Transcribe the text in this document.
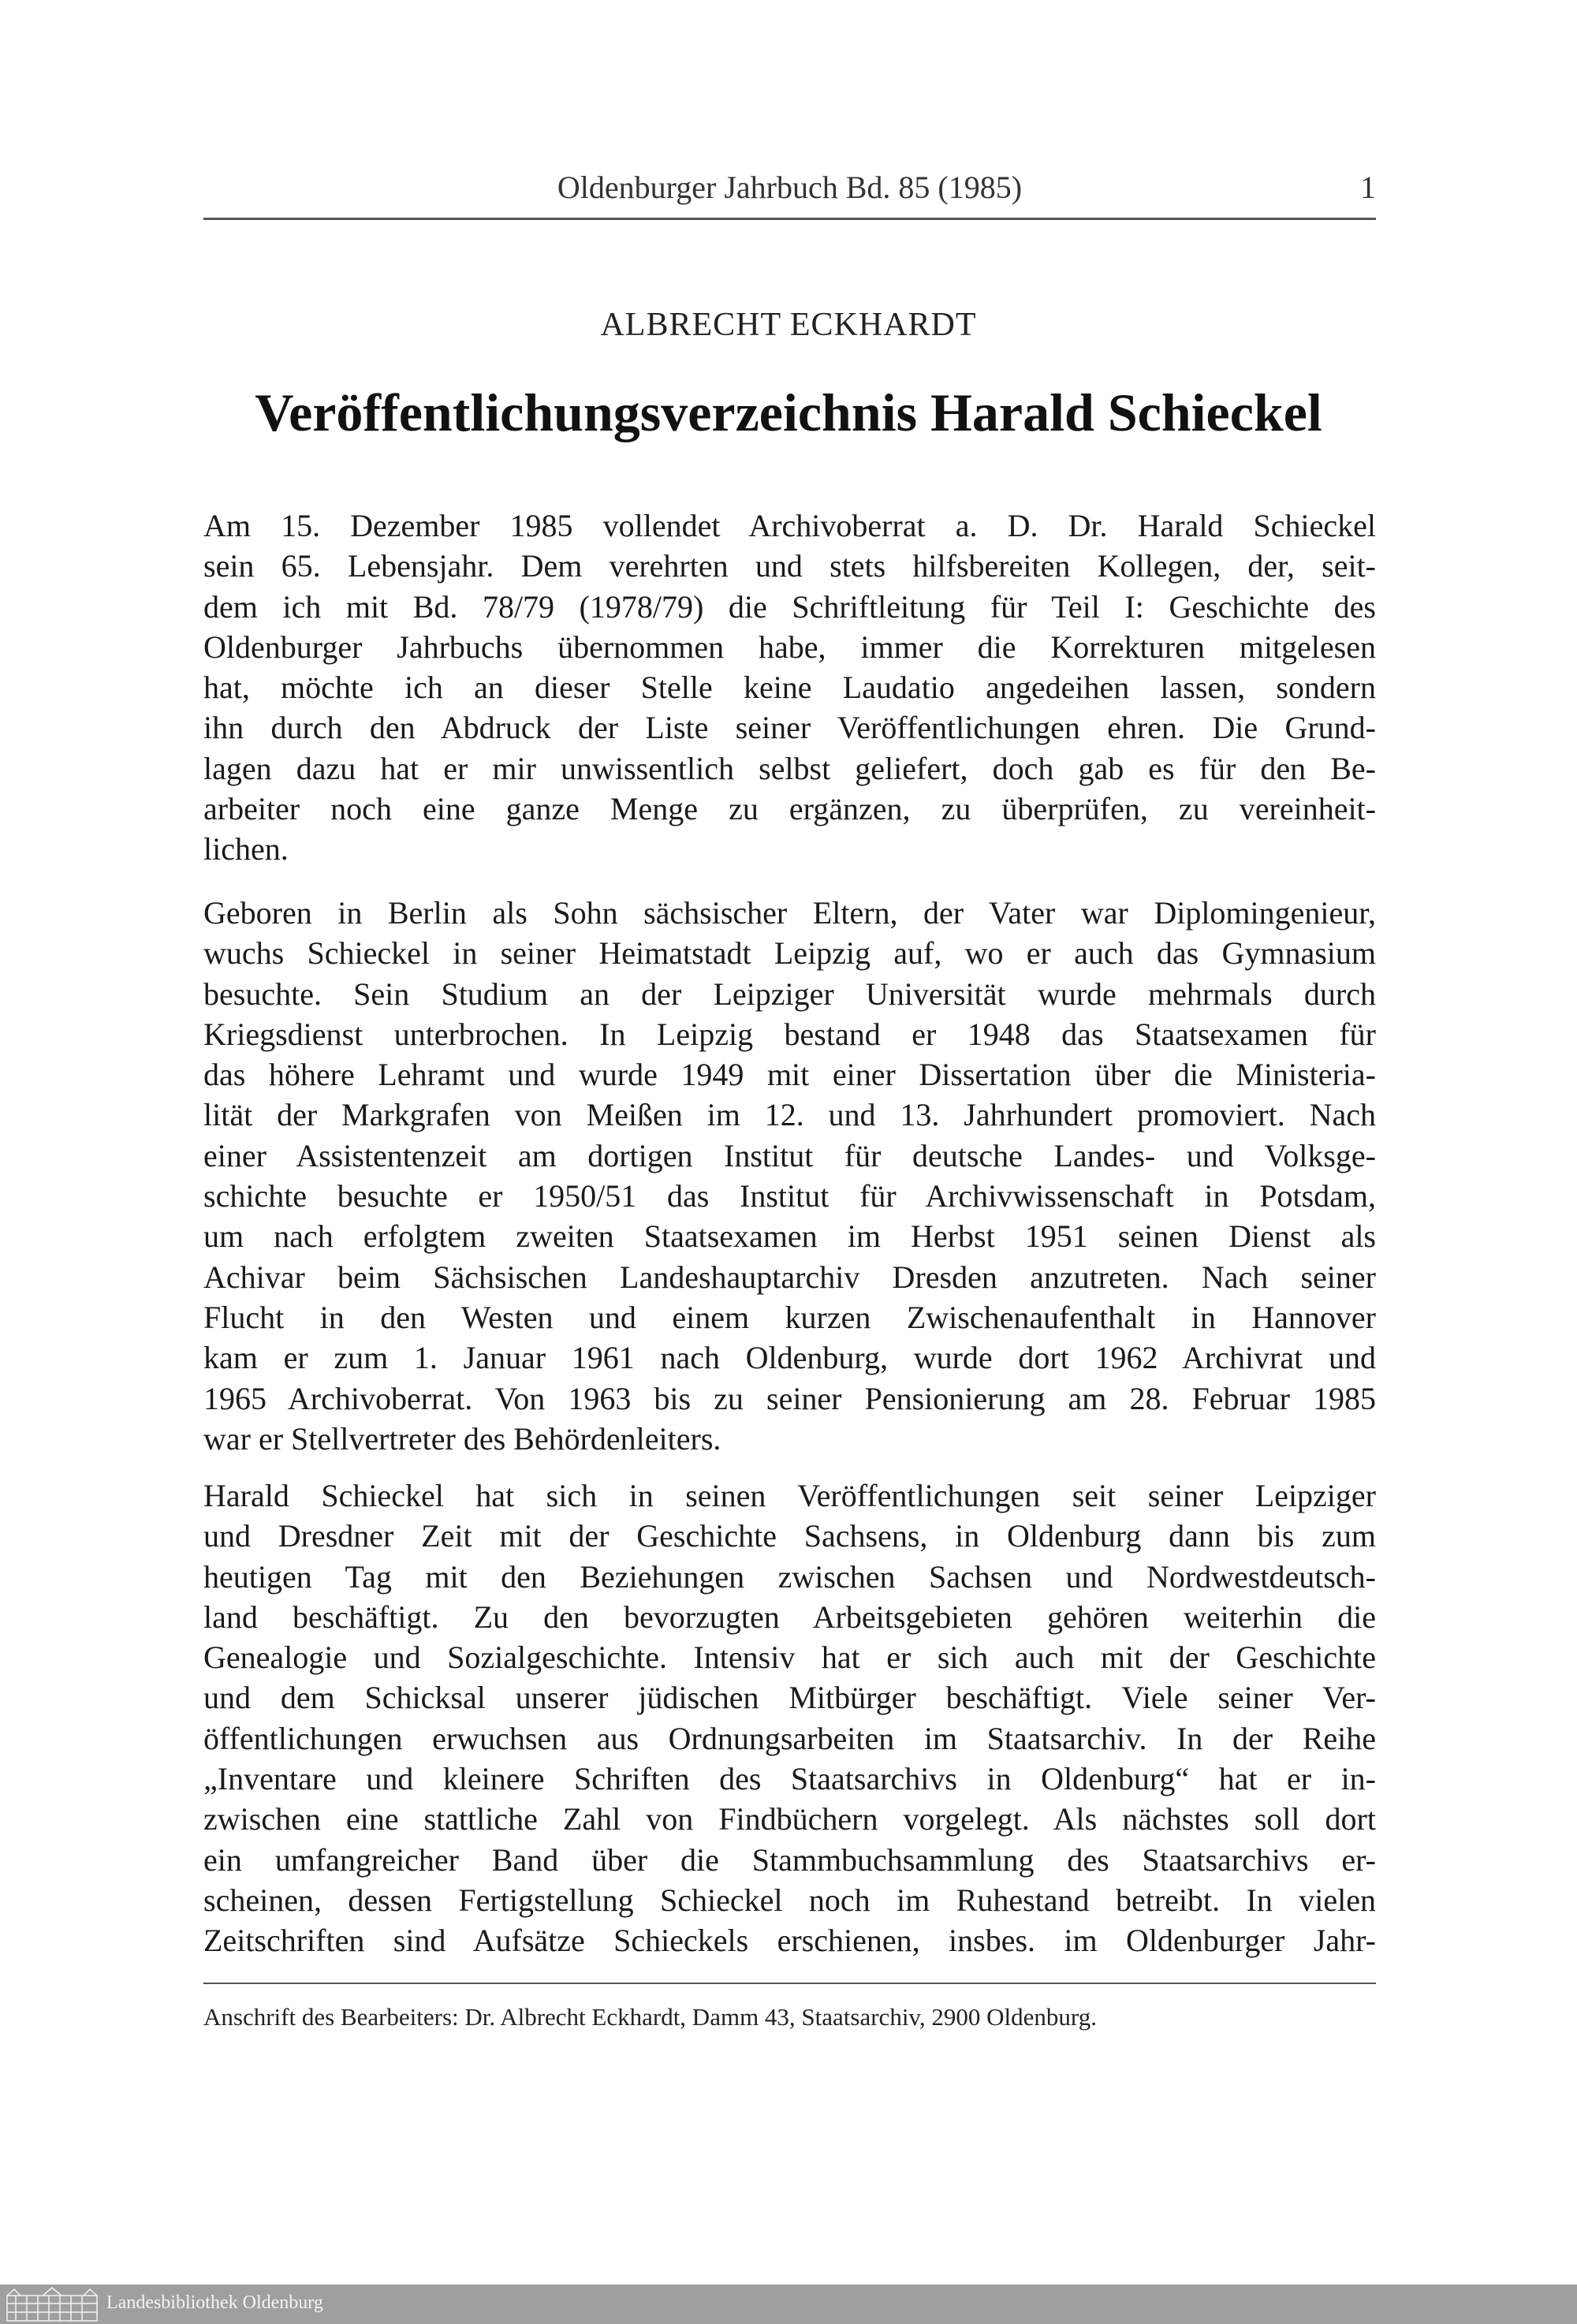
Oldenburger Jahrbuch Bd. 85 (1985)	1
ALBRECHT ECKHARDT
Veröffentlichungsverzeichnis Harald Schieckel
Am 15. Dezember 1985 vollendet Archivoberrat a. D. Dr. Harald Schieckel
sein 65. Lebensjahr. Dem verehrten und stets hilfsbereiten Kollegen, der, seit-
dem ich mit Bd. 78/79 (1978/79) die Schriftleitung für Teil I: Geschichte des
Oldenburger Jahrbuchs übernommen habe, immer die Korrekturen mitgelesen
hat, möchte ich an dieser Stelle keine Laudatio angedeihen lassen, sondern
ihn durch den Abdruck der Liste seiner Veröffentlichungen ehren. Die Grund-
lagen dazu hat er mir unwissentlich selbst geliefert, doch gab es für den Be-
arbeiter noch eine ganze Menge zu ergänzen, zu überprüfen, zu vereinheit-
lichen.
Geboren in Berlin als Sohn sächsischer Eltern, der Vater war Diplomingenieur,
wuchs Schieckel in seiner Heimatstadt Leipzig auf, wo er auch das Gymnasium
besuchte. Sein Studium an der Leipziger Universität wurde mehrmals durch
Kriegsdienst unterbrochen. In Leipzig bestand er 1948 das Staatsexamen für
das höhere Lehramt und wurde 1949 mit einer Dissertation über die Ministeria-
lität der Markgrafen von Meißen im 12. und 13. Jahrhundert promoviert. Nach
einer Assistentenzeit am dortigen Institut für deutsche Landes- und Volksge-
schichte besuchte er 1950/51 das Institut für Archivwissenschaft in Potsdam,
um nach erfolgtem zweiten Staatsexamen im Herbst 1951 seinen Dienst als
Achivar beim Sächsischen Landeshauptarchiv Dresden anzutreten. Nach seiner
Flucht in den Westen und einem kurzen Zwischenaufenthalt in Hannover
kam er zum 1. Januar 1961 nach Oldenburg, wurde dort 1962 Archivrat und
1965 Archivoberrat. Von 1963 bis zu seiner Pensionierung am 28. Februar 1985
war er Stellvertreter des Behördenleiters.
Harald Schieckel hat sich in seinen Veröffentlichungen seit seiner Leipziger
und Dresdner Zeit mit der Geschichte Sachsens, in Oldenburg dann bis zum
heutigen Tag mit den Beziehungen zwischen Sachsen und Nordwestdeutsch-
land beschäftigt. Zu den bevorzugten Arbeitsgebieten gehören weiterhin die
Genealogie und Sozialgeschichte. Intensiv hat er sich auch mit der Geschichte
und dem Schicksal unserer jüdischen Mitbürger beschäftigt. Viele seiner Ver-
öffentlichungen erwuchsen aus Ordnungsarbeiten im Staatsarchiv. In der Reihe
„Inventare und kleinere Schriften des Staatsarchivs in Oldenburg“ hat er in-
zwischen eine stattliche Zahl von Findbüchern vorgelegt. Als nächstes soll dort
ein umfangreicher Band über die Stammbuchsammlung des Staatsarchivs er-
scheinen, dessen Fertigstellung Schieckel noch im Ruhestand betreibt. In vielen
Zeitschriften sind Aufsätze Schieckels erschienen, insbes. im Oldenburger Jahr-
Anschrift des Bearbeiters: Dr. Albrecht Eckhardt, Damm 43, Staatsarchiv, 2900 Oldenburg.
Landesbibliothek Oldenburg
